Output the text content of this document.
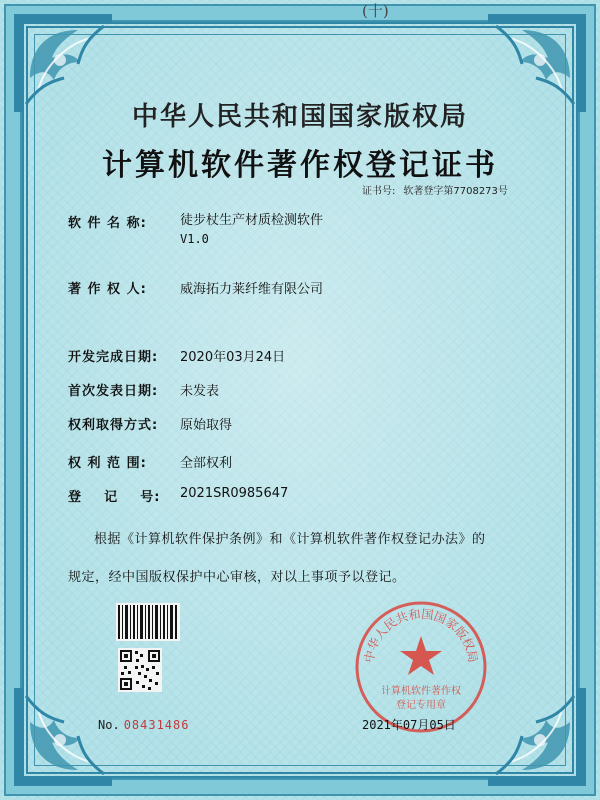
(十)
中华人民共和国国家版权局
计算机软件著作权登记证书
证书号: 软著登字第7708273号
软 件 名 称:	徒步杖生产材质检测软件
V1.0
著 作 权 人:	威海拓力莱纤维有限公司
开发完成日期:	2020年03月24日
首次发表日期:	未发表
权利取得方式:	原始取得
权 利 范 围:	全部权利
登    记    号:	2021SR0985647
根据《计算机软件保护条例》和《计算机软件著作权登记办法》的
规定，经中国版权保护中心审核，对以上事项予以登记。
No. 08431486
中华人民共和国国家版权局
计算机软件著作权
登记专用章
2021年07月05日
